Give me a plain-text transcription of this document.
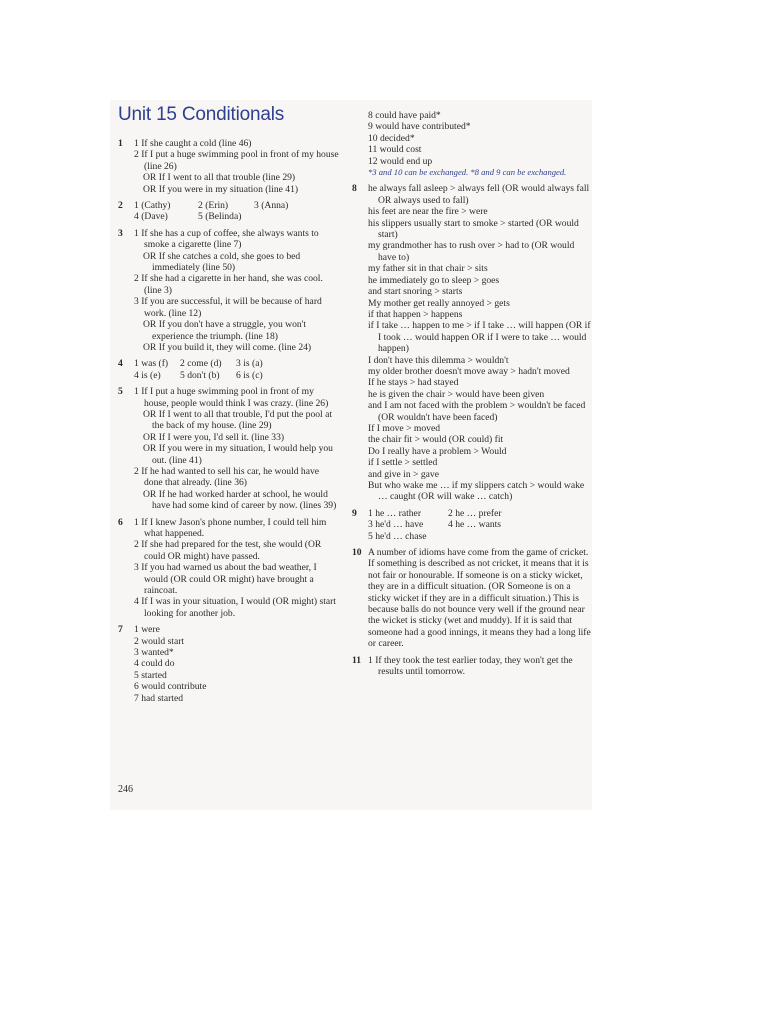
Unit 15 Conditionals
1	1 If she caught a cold (line 46)
2 If I put a huge swimming pool in front of my house (line 26)
OR If I went to all that trouble (line 29)
OR If you were in my situation (line 41)
2	1 (Cathy)	2 (Erin)	3 (Anna)
4 (Dave)	5 (Belinda)
3	1 If she has a cup of coffee, she always wants to smoke a cigarette (line 7)
OR If she catches a cold, she goes to bed immediately (line 50)
2 If she had a cigarette in her hand, she was cool. (line 3)
3 If you are successful, it will be because of hard work. (line 12)
OR If you don't have a struggle, you won't experience the triumph. (line 18)
OR If you build it, they will come. (line 24)
4	1 was (f) 2 come (d) 3 is (a)
4 is (e) 5 don't (b) 6 is (c)
5	1 If I put a huge swimming pool in front of my house, people would think I was crazy. (line 26)
OR If I went to all that trouble, I'd put the pool at the back of my house. (line 29)
OR If I were you, I'd sell it. (line 33)
OR If you were in my situation, I would help you out. (line 41)
2 If he had wanted to sell his car, he would have done that already. (line 36)
OR If he had worked harder at school, he would have had some kind of career by now. (lines 39)
6	1 If I knew Jason's phone number, I could tell him what happened.
2 If she had prepared for the test, she would (OR could OR might) have passed.
3 If you had warned us about the bad weather, I would (OR could OR might) have brought a raincoat.
4 If I was in your situation, I would (OR might) start looking for another job.
7	1 were
2 would start
3 wanted*
4 could do
5 started
6 would contribute
7 had started
8 could have paid*
9 would have contributed*
10 decided*
11 would cost
12 would end up
*3 and 10 can be exchanged. *8 and 9 can be exchanged.
8	he always fall asleep > always fell (OR would always fall OR always used to fall)
his feet are near the fire > were
his slippers usually start to smoke > started (OR would start)
my grandmother has to rush over > had to (OR would have to)
my father sit in that chair > sits
he immediately go to sleep > goes
and start snoring > starts
My mother get really annoyed > gets
if that happen > happens
if I take … happen to me > if I take … will happen (OR if I took … would happen OR if I were to take … would happen)
I don't have this dilemma > wouldn't
my older brother doesn't move away > hadn't moved
If he stays > had stayed
he is given the chair > would have been given
and I am not faced with the problem > wouldn't be faced (OR wouldn't have been faced)
If I move > moved
the chair fit > would (OR could) fit
Do I really have a problem > Would
if I settle > settled
and give in > gave
But who wake me … if my slippers catch > would wake … caught (OR will wake … catch)
9	1 he … rather	2 he … prefer
3 he'd … have	4 he … wants
5 he'd … chase
10 A number of idioms have come from the game of cricket. If something is described as not cricket, it means that it is not fair or honourable. If someone is on a sticky wicket, they are in a difficult situation. (OR Someone is on a sticky wicket if they are in a difficult situation.) This is because balls do not bounce very well if the ground near the wicket is sticky (wet and muddy). If it is said that someone had a good innings, it means they had a long life or career.
11 1 If they took the test earlier today, they won't get the results until tomorrow.
246
